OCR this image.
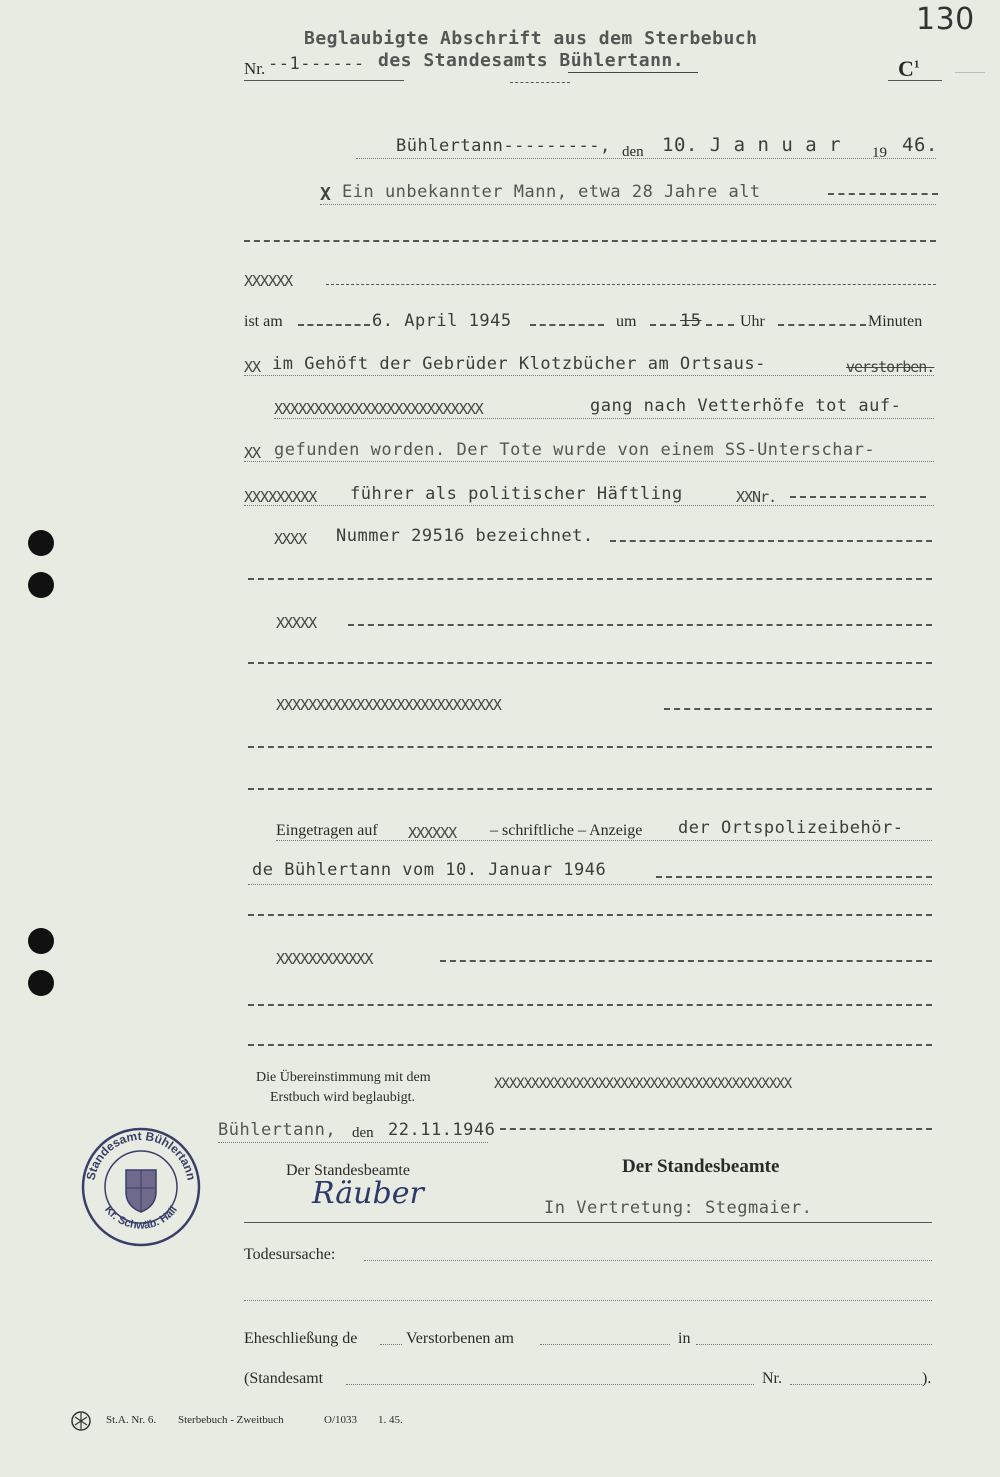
Beglaubigte Abschrift aus dem Sterbebuch
Nr. --1------ des Standesamts Bühlertann.
130
$C^1$
Bühlertann---------, den 10. J a n u a r 19 46.
X Ein unbekannter Mann, etwa 28 Jahre alt
XXXXXX
ist am	6. April 1945	um	15 Uhr	Minuten
XX im Gehöft der Gebrüder Klotzbücher am Ortsaus-	verstorben.
XXXXXXXXXXXXXXXXXXXXXXXXXX	gang nach Vetterhöfe tot auf-
XX gefunden worden. Der Tote wurde von einem SS-Unterschar-
XXXXXXXXX führer als politischer Häftling	XXNr.
XXXX Nummer 29516 bezeichnet.
XXXXX
XXXXXXXXXXXXXXXXXXXXXXXXXXXX
Eingetragen auf XXXXXX – schriftliche – Anzeige der Ortspolizeibehör-
de Bühlertann vom 10. Januar 1946
XXXXXXXXXXXX
Die Übereinstimmung mit dem
Erstbuch wird beglaubigt.
XXXXXXXXXXXXXXXXXXXXXXXXXXXXXXXXXXXXXXXX
Bühlertann, den 22.11.1946
Der Standesbeamte
Räuber
Der Standesbeamte
In Vertretung: Stegmaier.
Standesamt Bühlertann
Kr. Schwäb. Hall
Todesursache:
Eheschließung de	Verstorbenen am	in
(Standesamt	Nr.	).
St.A. Nr. 6. Sterbebuch - Zweitbuch	O/1033 1. 45.
